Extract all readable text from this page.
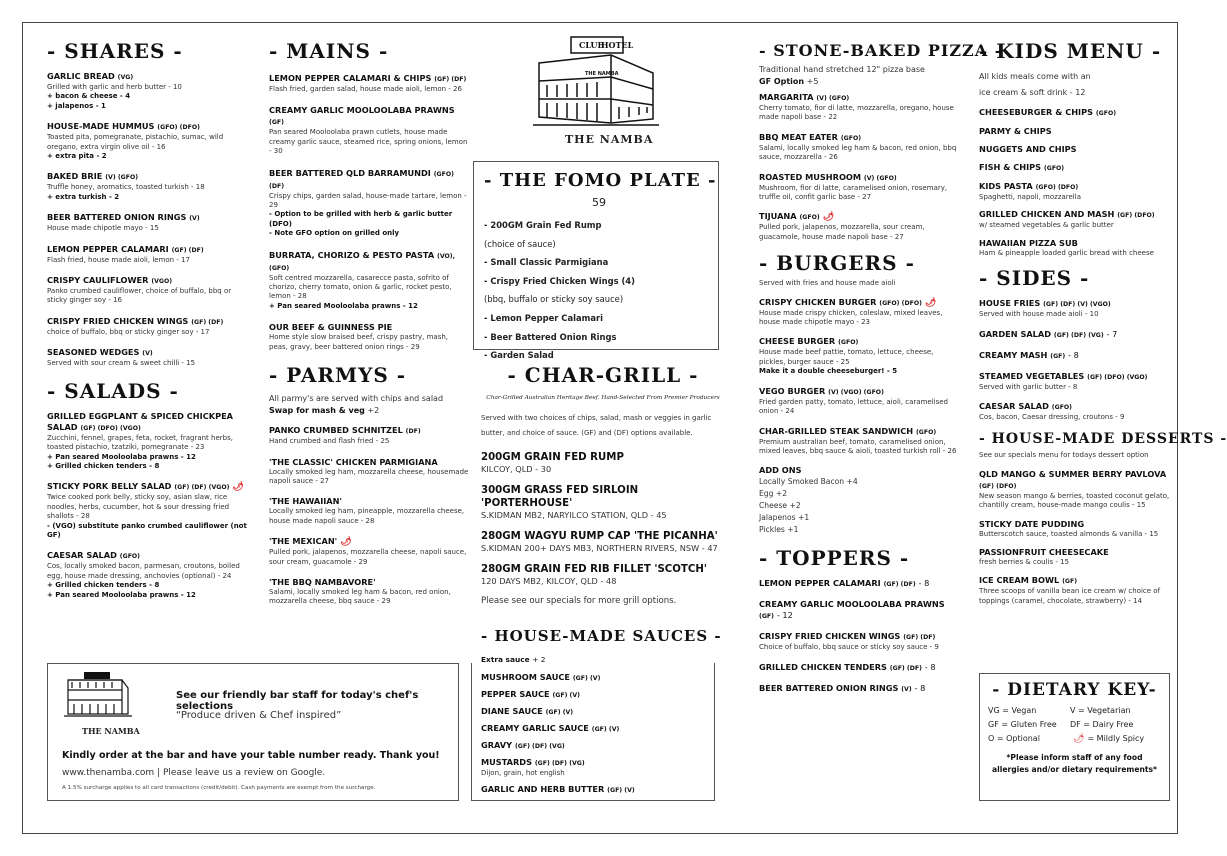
- SHARES -
GARLIC BREAD (VG)
Grilled with garlic and herb butter - 10
+ bacon & cheese - 4
+ jalapenos - 1
HOUSE-MADE HUMMUS (GFO) (DFO)
Toasted pita, pomegranate, pistachio, sumac, wild oregano, extra virgin olive oil - 16
+ extra pita - 2
BAKED BRIE (V) (GFO)
Truffle honey, aromatics, toasted turkish - 18
+ extra turkish - 2
BEER BATTERED ONION RINGS (V)
House made chipotle mayo - 15
LEMON PEPPER CALAMARI (GF) (DF)
Flash fried, house made aioli, lemon - 17
CRISPY CAULIFLOWER (VGO)
Panko crumbed cauliflower, choice of buffalo, bbq or sticky ginger soy - 16
CRISPY FRIED CHICKEN WINGS (GF) (DF)
choice of buffalo, bbq or sticky ginger soy - 17
SEASONED WEDGES (V)
Served with sour cream & sweet chilli - 15
- SALADS -
GRILLED EGGPLANT & SPICED CHICKPEA SALAD (GF) (DFO) (VGO)
Zucchini, fennel, grapes, feta, rocket, fragrant herbs, toasted pistachio, tzatziki, pomegranate - 23
+ Pan seared Mooloolaba prawns - 12
+ Grilled chicken tenders - 8
STICKY PORK BELLY SALAD (GF) (DF) (VGO) 🌶
Twice cooked pork belly, sticky soy, asian slaw, rice noodles, herbs, cucumber, hot & sour dressing fried shallots - 28
- (VGO) substitute panko crumbed cauliflower (not GF)
CAESAR SALAD (GFO)
Cos, locally smoked bacon, parmesan, croutons, boiled egg, house made dressing, anchovies (optional) - 24
+ Grilled chicken tenders - 8
+ Pan seared Mooloolaba prawns - 12
- MAINS -
LEMON PEPPER CALAMARI & CHIPS (GF) (DF)
Flash fried, garden salad, house made aioli, lemon - 26
CREAMY GARLIC MOOLOOLABA PRAWNS (GF)
Pan seared Mooloolaba prawn cutlets, house made creamy garlic sauce, steamed rice, spring onions, lemon - 30
BEER BATTERED QLD BARRAMUNDI (GFO) (DF)
Crispy chips, garden salad, house-made tartare, lemon - 29
- Option to be grilled with herb & garlic butter (DFO)
- Note GFO option on grilled only
BURRATA, CHORIZO & PESTO PASTA (VO), (GFO)
Soft centred mozzarella, casarecce pasta, sofrito of chorizo, cherry tomato, onion & garlic, rocket pesto, lemon - 28
+ Pan seared Mooloolaba prawns - 12
OUR BEEF & GUINNESS PIE
Home style slow braised beef, crispy pastry, mash, peas, gravy, beer battered onion rings - 29
- PARMYS -
All parmy's are served with chips and salad
Swap for mash & veg +2
PANKO CRUMBED SCHNITZEL (DF)
Hand crumbed and flash fried - 25
'THE CLASSIC' CHICKEN PARMIGIANA
Locally smoked leg ham, mozzarella cheese, housemade napoli sauce - 27
'THE HAWAIIAN'
Locally smoked leg ham, pineapple, mozzarella cheese, house made napoli sauce - 28
'THE MEXICAN' 🌶
Pulled pork, jalapenos, mozzarella cheese, napoli sauce, sour cream, guacamole - 29
'THE BBQ NAMBAVORE'
Salami, locally smoked leg ham & bacon, red onion, mozzarella cheese, bbq sauce - 29
THE NAMBA
See our friendly bar staff for today's chef's selections
“Produce driven & Chef inspired”
Kindly order at the bar and have your table number ready. Thank you!
www.thenamba.com | Please leave us a review on Google.
A 1.5% surcharge applies to all card transactions (credit/debit). Cash payments are exempt from the surcharge.
CLUB
HOTEL
THE NAMBA
THE NAMBA
- THE FOMO PLATE - 59
- 200GM Grain Fed Rump
(choice of sauce)
- Small Classic Parmigiana
- Crispy Fried Chicken Wings (4)
(bbq, buffalo or sticky soy sauce)
- Lemon Pepper Calamari
- Beer Battered Onion Rings
- Garden Salad
- CHAR-GRILL -
Char-Grilled Australian Heritage Beef. Hand-Selected From Premier Producers
Served with two choices of chips, salad, mash or veggies in garlic butter, and choice of sauce. (GF) and (DF) options available.
200GM GRAIN FED RUMP
KILCOY, QLD - 30
300GM GRASS FED SIRLOIN 'PORTERHOUSE'
S.KIDMAN MB2, NARYILCO STATION, QLD - 45
280GM WAGYU RUMP CAP 'THE PICANHA'
S.KIDMAN 200+ DAYS MB3, NORTHERN RIVERS, NSW - 47
280GM GRAIN FED RIB FILLET 'SCOTCH'
120 DAYS MB2, KILCOY, QLD - 48
Please see our specials for more grill options.
- HOUSE-MADE SAUCES -
Extra sauce + 2
MUSHROOM SAUCE (GF) (V)
PEPPER SAUCE (GF) (V)
DIANE SAUCE (GF) (V)
CREAMY GARLIC SAUCE (GF) (V)
GRAVY (GF) (DF) (VG)
MUSTARDS (GF) (DF) (VG)
Dijon, grain, hot english
GARLIC AND HERB BUTTER (GF) (V)
- STONE-BAKED PIZZA -
Traditional hand stretched 12" pizza base
GF Option +5
MARGARITA (V) (GFO)
Cherry tomato, fior di latte, mozzarella, oregano, house made napoli base - 22
BBQ MEAT EATER (GFO)
Salami, locally smoked leg ham & bacon, red onion, bbq sauce, mozzarella - 26
ROASTED MUSHROOM (V) (GFO)
Mushroom, fior di latte, caramelised onion, rosemary, truffle oil, confit garlic base - 27
TIJUANA (GFO) 🌶
Pulled pork, jalapenos, mozzarella, sour cream, guacamole, house made napoli base - 27
- BURGERS -
Served with fries and house made aioli
CRISPY CHICKEN BURGER (GFO) (DFO) 🌶
House made crispy chicken, coleslaw, mixed leaves, house made chipotle mayo - 23
CHEESE BURGER (GFO)
House made beef pattie, tomato, lettuce, cheese, pickles, burger sauce - 25
Make it a double cheeseburger! - 5
VEGO BURGER (V) (VGO) (GFO)
Fried garden patty, tomato, lettuce, aioli, caramelised onion - 24
CHAR-GRILLED STEAK SANDWICH (GFO)
Premium australian beef, tomato, caramelised onion, mixed leaves, bbq sauce & aioli, toasted turkish roll - 26
ADD ONS
Locally Smoked Bacon +4
Egg +2
Cheese +2
Jalapenos +1
Pickles +1
- TOPPERS -
LEMON PEPPER CALAMARI (GF) (DF) - 8
CREAMY GARLIC MOOLOOLABA PRAWNS (GF) - 12
CRISPY FRIED CHICKEN WINGS (GF) (DF)
Choice of buffalo, bbq sauce or sticky soy sauce - 9
GRILLED CHICKEN TENDERS (GF) (DF) - 8
BEER BATTERED ONION RINGS (V) - 8
- KIDS MENU -
All kids meals come with an
ice cream & soft drink - 12
CHEESEBURGER & CHIPS (GFO)
PARMY & CHIPS
NUGGETS AND CHIPS
FISH & CHIPS (GFO)
KIDS PASTA (GFO) (DFO)
Spaghetti, napoli, mozzarella
GRILLED CHICKEN AND MASH (GF) (DFO)
w/ steamed vegetables & garlic butter
HAWAIIAN PIZZA SUB
Ham & pineapple loaded garlic bread with cheese
- SIDES -
HOUSE FRIES (GF) (DF) (V) (VGO)
Served with house made aioli - 10
GARDEN SALAD (GF) (DF) (VG) - 7
CREAMY MASH (GF) - 8
STEAMED VEGETABLES (GF) (DFO) (VGO)
Served with garlic butter - 8
CAESAR SALAD (GFO)
Cos, bacon, Caesar dressing, croutons - 9
- HOUSE-MADE DESSERTS -
See our specials menu for todays dessert option
QLD MANGO & SUMMER BERRY PAVLOVA (GF) (DFO)
New season mango & berries, toasted coconut gelato, chantilly cream, house-made mango coulis - 15
STICKY DATE PUDDING
Butterscotch sauce, toasted almonds & vanilla - 15
PASSIONFRUIT CHEESECAKE
fresh berries & coulis - 15
ICE CREAM BOWL (GF)
Three scoops of vanilla bean ice cream w/ choice of toppings (caramel, chocolate, strawberry) - 14
- DIETARY KEY-
VG = Vegan	V = Vegetarian
GF = Gluten Free	DF = Dairy Free
O = Optional	🌶 = Mildly Spicy
*Please inform staff of any food allergies and/or dietary requirements*
